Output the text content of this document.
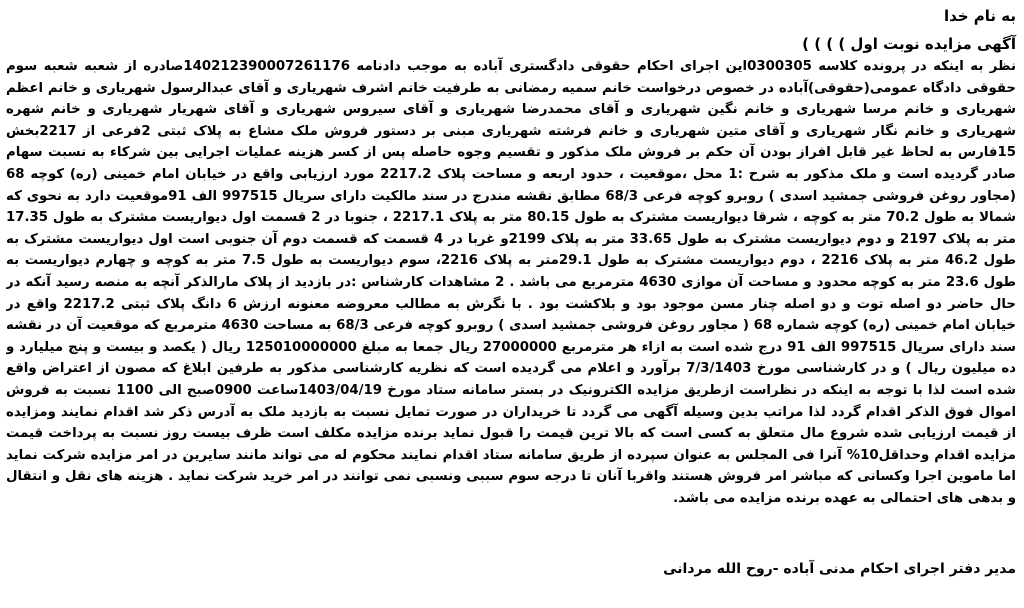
به نام خدا

آگهی مزایده نوبت اول ) ) ) )

نظر به اینکه در پرونده کلاسه 0300305این اجرای احکام حقوقی دادگستری آباده به موجب دادنامه 140212390007261176صادره از شعبه شعبه سوم حقوقی دادگاه عمومی(حقوقی)آباده در خصوص درخواست خانم سمیه رمضانی به طرفیت خانم اشرف شهریاری و آقای عبدالرسول شهریاری و خانم اعظم شهریاری و خانم مرسا شهریاری و خانم نگین شهریاری و آقای محمدرضا شهریاری و آقای سیروس شهریاری و آقای شهریار شهریاری و خانم شهره شهریاری و خانم نگار شهریاری و آقای متین شهریاری و خانم فرشته شهریاری مبنی بر دستور فروش ملک مشاع به پلاک ثبتی 2فرعی از 2217بخش 15فارس به لحاظ غیر قابل افراز بودن آن حکم بر فروش ملک مذکور و تقسیم وجوه حاصله پس از کسر هزینه عملیات اجرایی بین شرکاء به نسبت سهام صادر گردیده است و ملک مذکور به شرح :1 محل ،موقعیت ، حدود اربعه و مساحت پلاک 2217.2 مورد ارزیابی واقع در خیابان امام خمینی (ره) کوچه 68 (مجاور روغن فروشی جمشید اسدی ) روبرو کوچه فرعی 68/3 مطابق نقشه مندرج در سند مالکیت دارای سریال 997515 الف 91موقعیت دارد به نحوی که شمالا به طول 70.2 متر به کوچه ، شرقا دیواریست مشترک به طول 80.15 متر به پلاک 2217.1 ، جنوبا در 2 قسمت اول دیواریست مشترک به طول 17.35 متر به پلاک 2197 و دوم دیواریست مشترک به طول 33.65 متر به پلاک 2199و غربا در 4 قسمت که قسمت دوم آن جنوبی است اول دیواریست مشترک به طول 46.2 متر به پلاک 2216 ، دوم دیواریست مشترک به طول 29.1متر به پلاک 2216، سوم دیواریست به طول 7.5 متر به کوچه و چهارم دیواریست به طول 23.6 متر به کوچه محدود و مساحت آن موازی 4630 مترمربع می باشد . 2 مشاهدات کارشناس :در بازدید از پلاک مارالذکر آنچه به منصه رسید آنکه در حال حاضر دو اصله توت و دو اصله چنار مسن موجود بود و بلاکشت بود . با نگرش به مطالب معروضه معنونه ارزش 6 دانگ پلاک ثبتی 2217.2 واقع در خیابان امام خمینی (ره) کوچه شماره 68 ( مجاور روغن فروشی جمشید اسدی ) روبرو کوچه فرعی 68/3 به مساحت 4630 مترمربع که موقعیت آن در نقشه سند دارای سریال 997515 الف 91 درج شده است به ازاء هر مترمربع 27000000 ریال جمعا به مبلغ 125010000000 ریال ( یکصد و بیست و پنج میلیارد و ده میلیون ریال ) و در کارشناسی مورخ 7/3/1403 برآورد و اعلام می گردیده است که نظریه کارشناسی مذکور به طرفین ابلاغ که مصون از اعتراض واقع شده است لذا با توجه به اینکه در نظراست ازطریق مزایده الکترونیک در بستر سامانه ستاد مورخ 1403/04/19ساعت 0900صبح الی 1100 نسبت به فروش اموال فوق الذکر اقدام گردد لذا مراتب بدین وسیله آگهی می گردد تا خریداران در صورت تمایل نسبت به بازدید ملک به آدرس ذکر شد اقدام نمایند ومزایده از قیمت ارزیابی شده شروع مال متعلق به کسی است که بالا ترین قیمت را قبول نماید برنده مزایده مکلف است ظرف بیست روز نسبت به پرداخت قیمت مزایده اقدام وحداقل10% آنرا فی المجلس به عنوان سپرده از طریق سامانه ستاد اقدام نمایند محکوم له می تواند مانند سایرین در امر مزایده شرکت نماید اما ماموین اجرا وکسانی که مباشر امر فروش هستند واقربا آنان تا درجه سوم سببی ونسبی نمی توانند در امر خرید شرکت نماید . هزینه های نقل و انتقال و بدهی های احتمالی به عهده برنده مزایده می باشد.

مدیر دفتر اجرای احکام مدنی آباده -روح الله مردانی
